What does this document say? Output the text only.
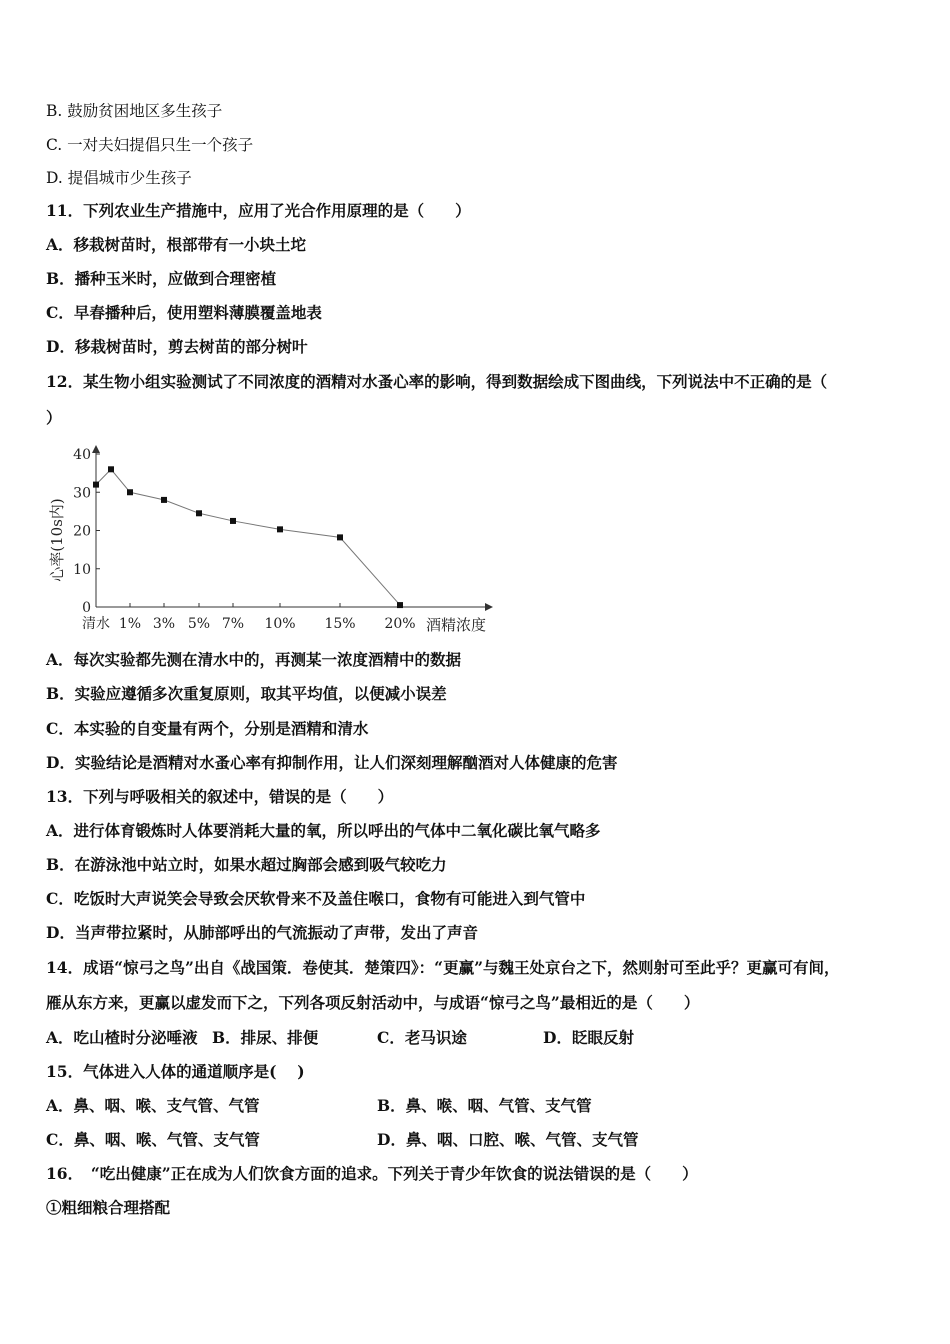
B. 鼓励贫困地区多生孩子
C. 一对夫妇提倡只生一个孩子
D. 提倡城市少生孩子
11．下列农业生产措施中，应用了光合作用原理的是（　　）
A．移栽树苗时，根部带有一小块土坨
B．播种玉米时，应做到合理密植
C．早春播种后，使用塑料薄膜覆盖地表
D．移栽树苗时，剪去树苗的部分树叶
12．某生物小组实验测试了不同浓度的酒精对水蚤心率的影响，得到数据绘成下图曲线，下列说法中不正确的是（
）
0
10
20
30
40
清水 1% 3% 5% 7% 10% 15% 20%
心率(10s内)
酒精浓度
A．每次实验都先测在清水中的，再测某一浓度酒精中的数据
B．实验应遵循多次重复原则，取其平均值，以便减小误差
C．本实验的自变量有两个，分别是酒精和清水
D．实验结论是酒精对水蚤心率有抑制作用，让人们深刻理解酗酒对人体健康的危害
13．下列与呼吸相关的叙述中，错误的是（　　）
A．进行体育锻炼时人体要消耗大量的氧，所以呼出的气体中二氧化碳比氧气略多
B．在游泳池中站立时，如果水超过胸部会感到吸气较吃力
C．吃饭时大声说笑会导致会厌软骨来不及盖住喉口，食物有可能进入到气管中
D．当声带拉紧时，从肺部呼出的气流振动了声带，发出了声音
14．成语“惊弓之鸟”出自《战国策．卷使其．楚策四》：“更赢”与魏王处京台之下，然则射可至此乎？更赢可有间，
雁从东方来，更赢以虚发而下之，下列各项反射活动中，与成语“惊弓之鸟”最相近的是（　　）
A．吃山楂时分泌唾液 B．排尿、排便	C．老马识途	D．眨眼反射
15．气体进入人体的通道顺序是(　 )
A．鼻、咽、喉、支气管、气管	B．鼻、喉、咽、气管、支气管
C．鼻、咽、喉、气管、支气管	D．鼻、咽、口腔、喉、气管、支气管
16．　“吃出健康”正在成为人们饮食方面的追求。下列关于青少年饮食的说法错误的是（　　）
①粗细粮合理搭配
